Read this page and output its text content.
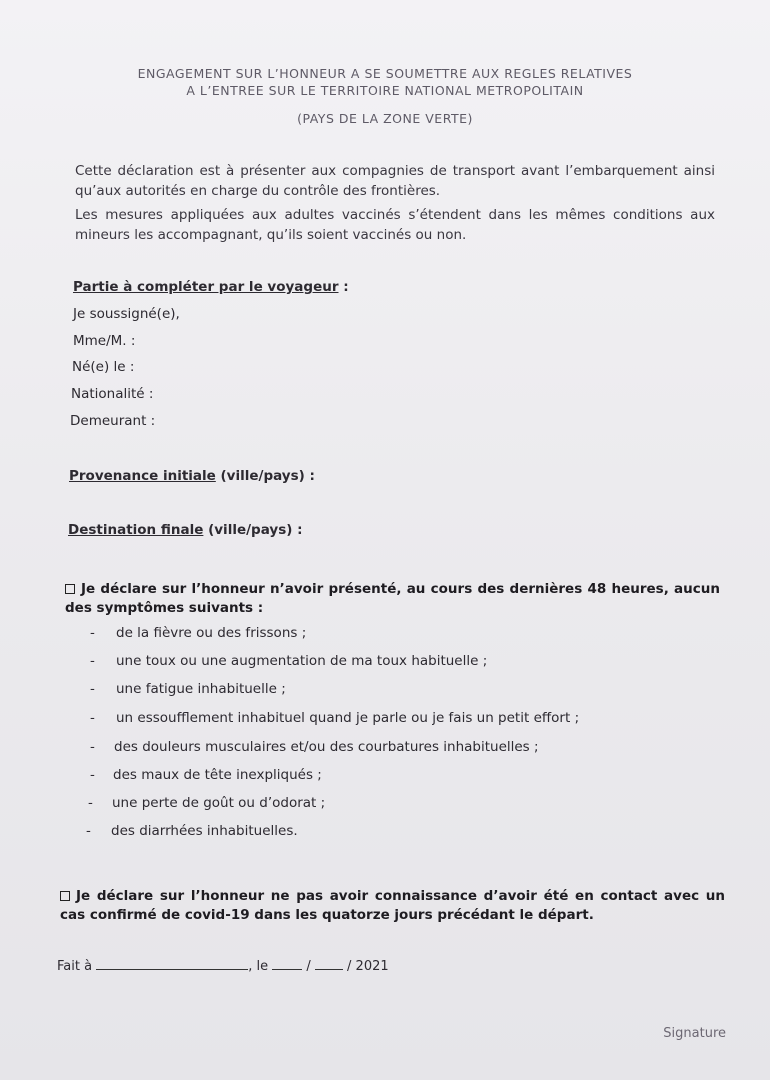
ENGAGEMENT SUR L’HONNEUR A SE SOUMETTRE AUX REGLES RELATIVES
A L’ENTREE SUR LE TERRITOIRE NATIONAL METROPOLITAIN
(PAYS DE LA ZONE VERTE)
Cette déclaration est à présenter aux compagnies de transport avant l’embarquement ainsi qu’aux autorités en charge du contrôle des frontières.
Les mesures appliquées aux adultes vaccinés s’étendent dans les mêmes conditions aux mineurs les accompagnant, qu’ils soient vaccinés ou non.
Partie à compléter par le voyageur :
Je soussigné(e),
Mme/M. :
Né(e) le :
Nationalité :
Demeurant :
Provenance initiale (ville/pays) :
Destination finale (ville/pays) :
Je déclare sur l’honneur n’avoir présenté, au cours des dernières 48 heures, aucun des symptômes suivants :
- de la fièvre ou des frissons ;
- une toux ou une augmentation de ma toux habituelle ;
- une fatigue inhabituelle ;
- un essoufflement inhabituel quand je parle ou je fais un petit effort ;
- des douleurs musculaires et/ou des courbatures inhabituelles ;
- des maux de tête inexpliqués ;
- une perte de goût ou d’odorat ;
- des diarrhées inhabituelles.
Je déclare sur l’honneur ne pas avoir connaissance d’avoir été en contact avec un cas confirmé de covid-19 dans les quatorze jours précédant le départ.
Fait à	, le	/	/ 2021
Signature
